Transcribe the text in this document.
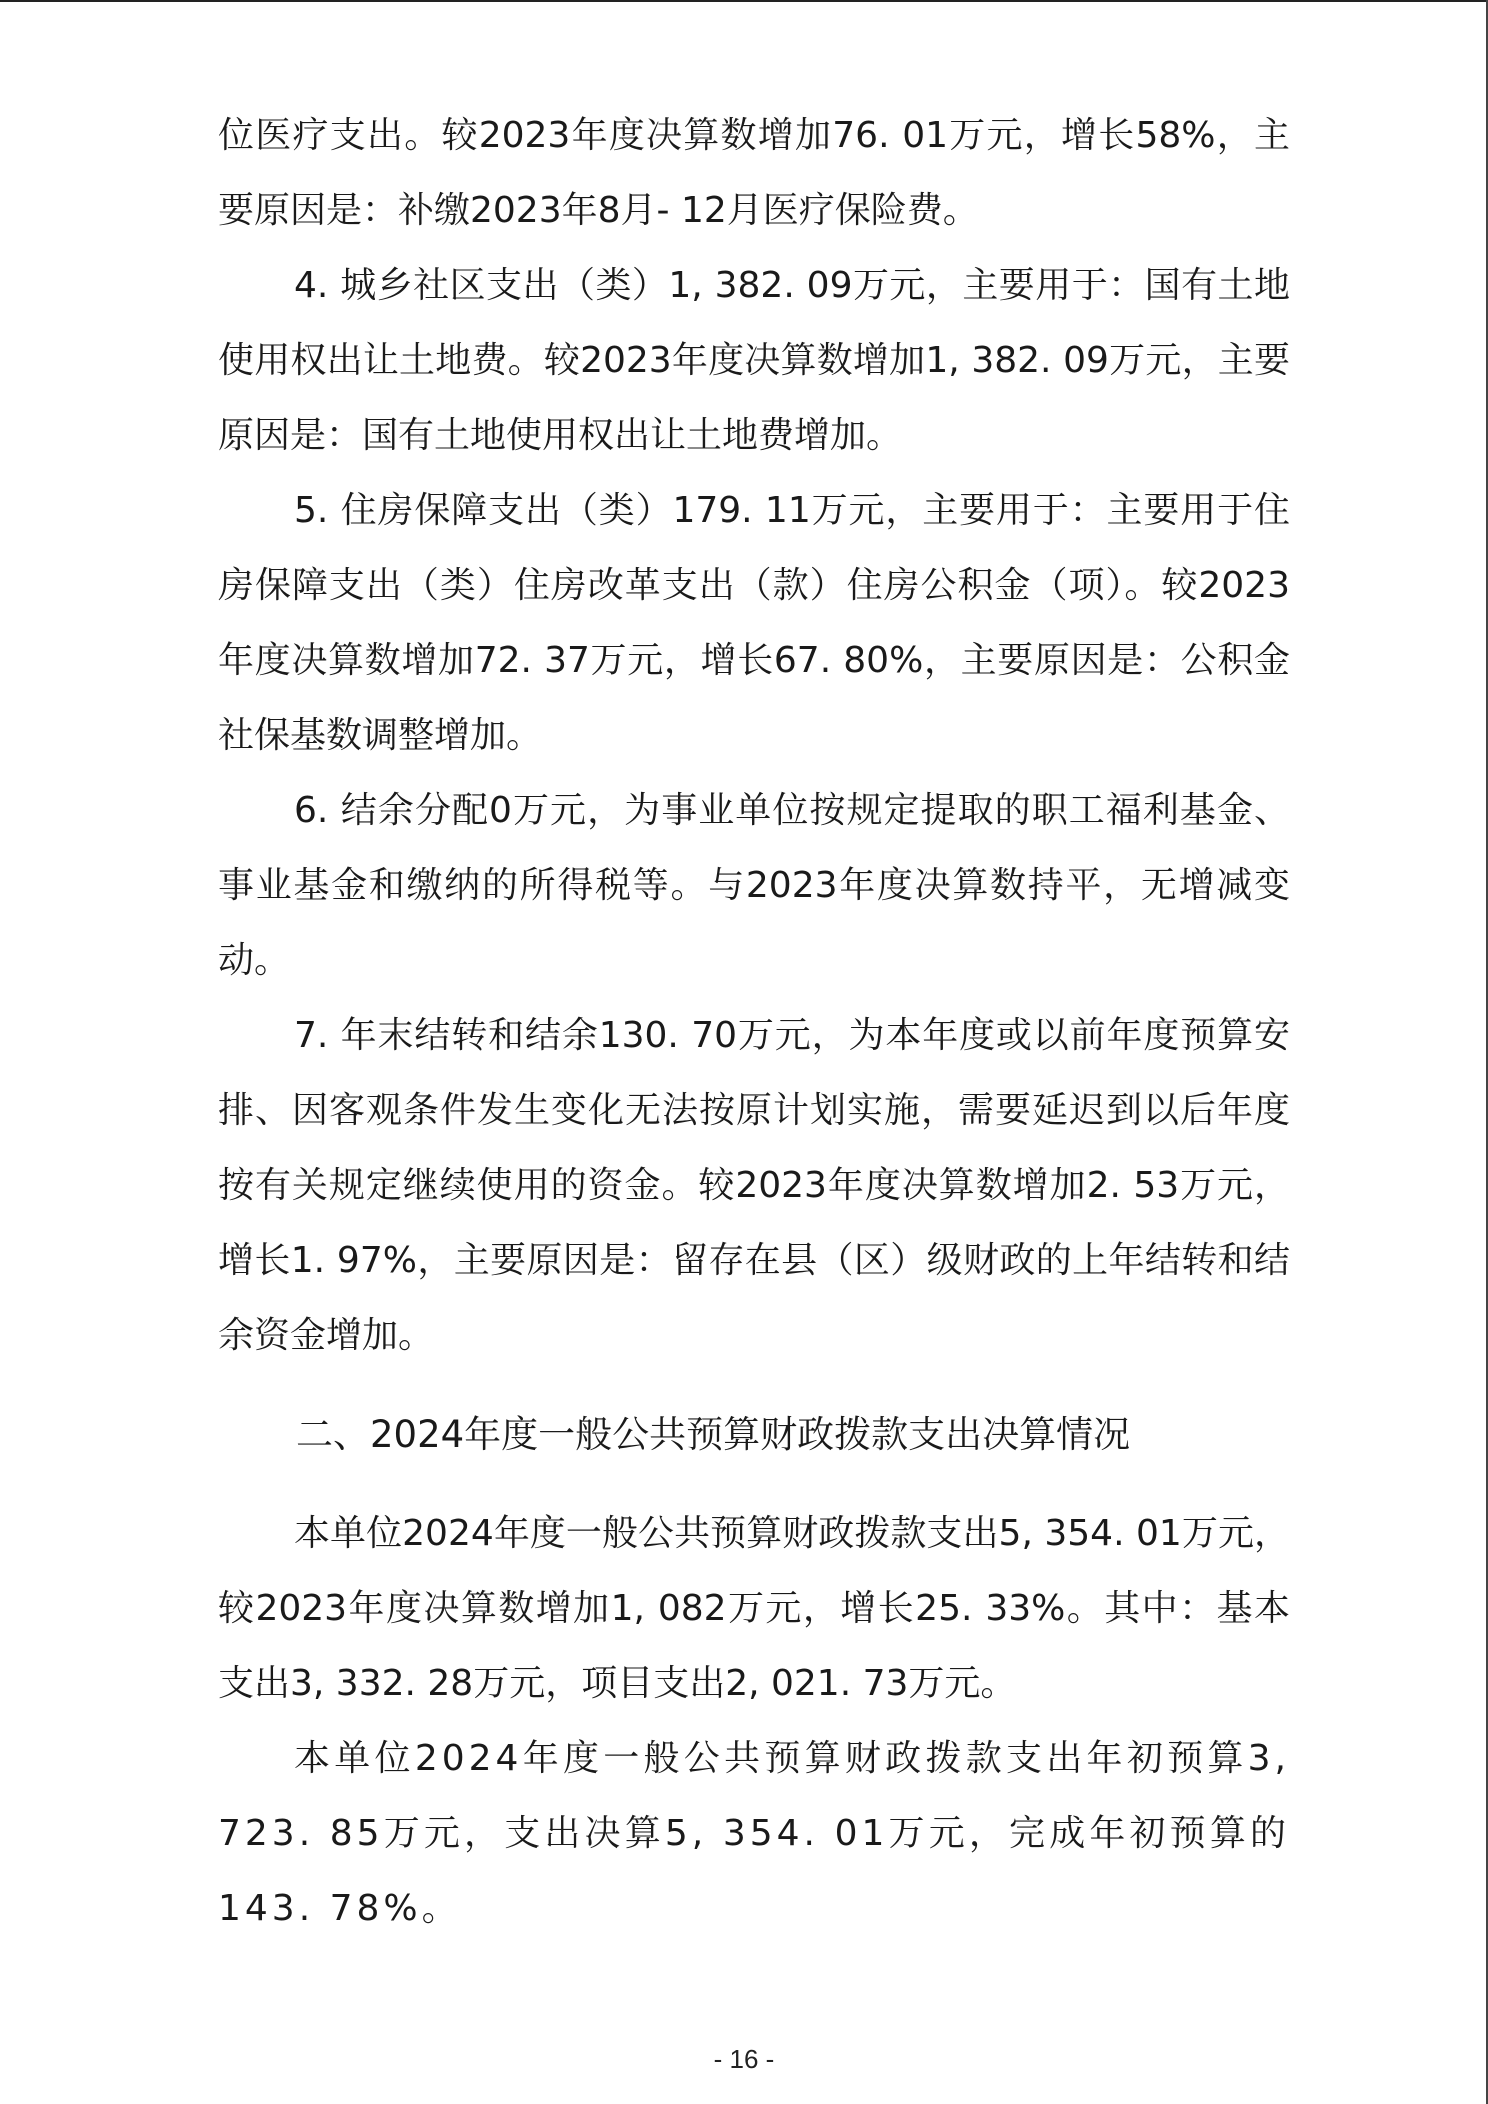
位医疗支出。较2023年度决算数增加76. 01万元，增长58%，主要原因是：补缴2023年8月- 12月医疗保险费。

4. 城乡社区支出（类）1, 382. 09万元，主要用于：国有土地使用权出让土地费。较2023年度决算数增加1, 382. 09万元，主要原因是：国有土地使用权出让土地费增加。

5. 住房保障支出（类）179. 11万元，主要用于：主要用于住房保障支出（类）住房改革支出（款）住房公积金（项）。较2023年度决算数增加72. 37万元，增长67. 80%，主要原因是：公积金社保基数调整增加。

6. 结余分配0万元，为事业单位按规定提取的职工福利基金、事业基金和缴纳的所得税等。与2023年度决算数持平，无增减变动。

7. 年末结转和结余130. 70万元，为本年度或以前年度预算安排、因客观条件发生变化无法按原计划实施，需要延迟到以后年度按有关规定继续使用的资金。较2023年度决算数增加2. 53万元，增长1. 97%，主要原因是：留存在县（区）级财政的上年结转和结余资金增加。

二、2024年度一般公共预算财政拨款支出决算情况

本单位2024年度一般公共预算财政拨款支出5, 354. 01万元，较2023年度决算数增加1, 082万元，增长25. 33%。其中：基本支出3, 332. 28万元，项目支出2, 021. 73万元。

本单位2024年度一般公共预算财政拨款支出年初预算3, 723. 85万元，支出决算5, 354. 01万元，完成年初预算的143. 78%。

- 16 -
